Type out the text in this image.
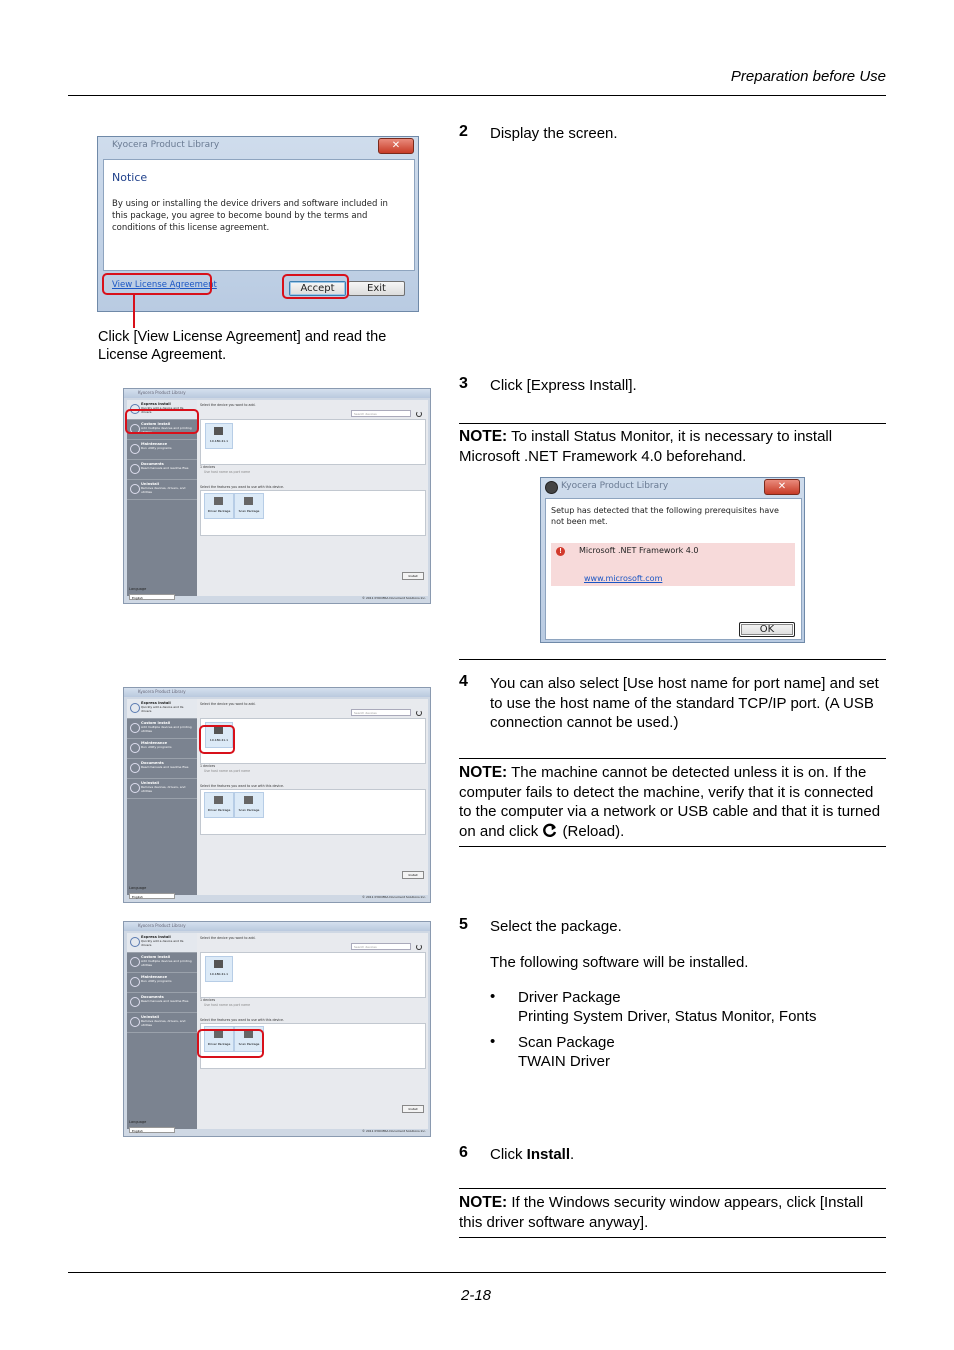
Preparation before Use
Kyocera Product Library	✕
Notice
By using or installing the device drivers and software included in this package, you agree to become bound by the terms and conditions of this license agreement.
View License Agreement	Accept	Exit
Click [View License Agreement] and read the License Agreement.
2 Display the screen.
Kyocera Product Library
Express Install
Quickly add a device and its drivers
Custom Install
Add multiple devices and printing utilities
Maintenance
Run utility programs
Documents
Read manuals and readme files
Uninstall
Remove devices, drivers, and utilities
Select the device you want to add.
Search devices
10.180.41.1
1 devices
Use host name as port name
Select the features you want to use with this device.
Driver Package	Scan Package
Install
Language
English	© 2011 KYOCERA Document Solutions Inc.
3 Click [Express Install].
NOTE: To install Status Monitor, it is necessary to install Microsoft .NET Framework 4.0 beforehand.
Kyocera Product Library	✕
Setup has detected that the following prerequisites have not been met.
!	Microsoft .NET Framework 4.0
www.microsoft.com
OK
Kyocera Product Library
Express Install
Quickly add a device and its drivers
Custom Install
Add multiple devices and printing utilities
Maintenance
Run utility programs
Documents
Read manuals and readme files
Uninstall
Remove devices, drivers, and utilities
Select the device you want to add.
Search devices
10.180.41.1
1 devices
Use host name as port name
Select the features you want to use with this device.
Driver Package	Scan Package
Install
Language
English	© 2011 KYOCERA Document Solutions Inc.
4 You can also select [Use host name for port name] and set to use the host name of the standard TCP/IP port. (A USB connection cannot be used.)
NOTE: The machine cannot be detected unless it is on. If the computer fails to detect the machine, verify that it is connected to the computer via a network or USB cable and that it is turned on and click  (Reload).
Kyocera Product Library
Express Install
Quickly add a device and its drivers
Custom Install
Add multiple devices and printing utilities
Maintenance
Run utility programs
Documents
Read manuals and readme files
Uninstall
Remove devices, drivers, and utilities
Select the device you want to add.
Search devices
10.180.41.1
1 devices
Use host name as port name
Select the features you want to use with this device.
Driver Package	Scan Package
Install
Language
English	© 2011 KYOCERA Document Solutions Inc.
5 Select the package.
The following software will be installed.
• Driver Package
Printing System Driver, Status Monitor, Fonts
• Scan Package
TWAIN Driver
6 Click Install.
NOTE: If the Windows security window appears, click [Install this driver software anyway].
2-18
